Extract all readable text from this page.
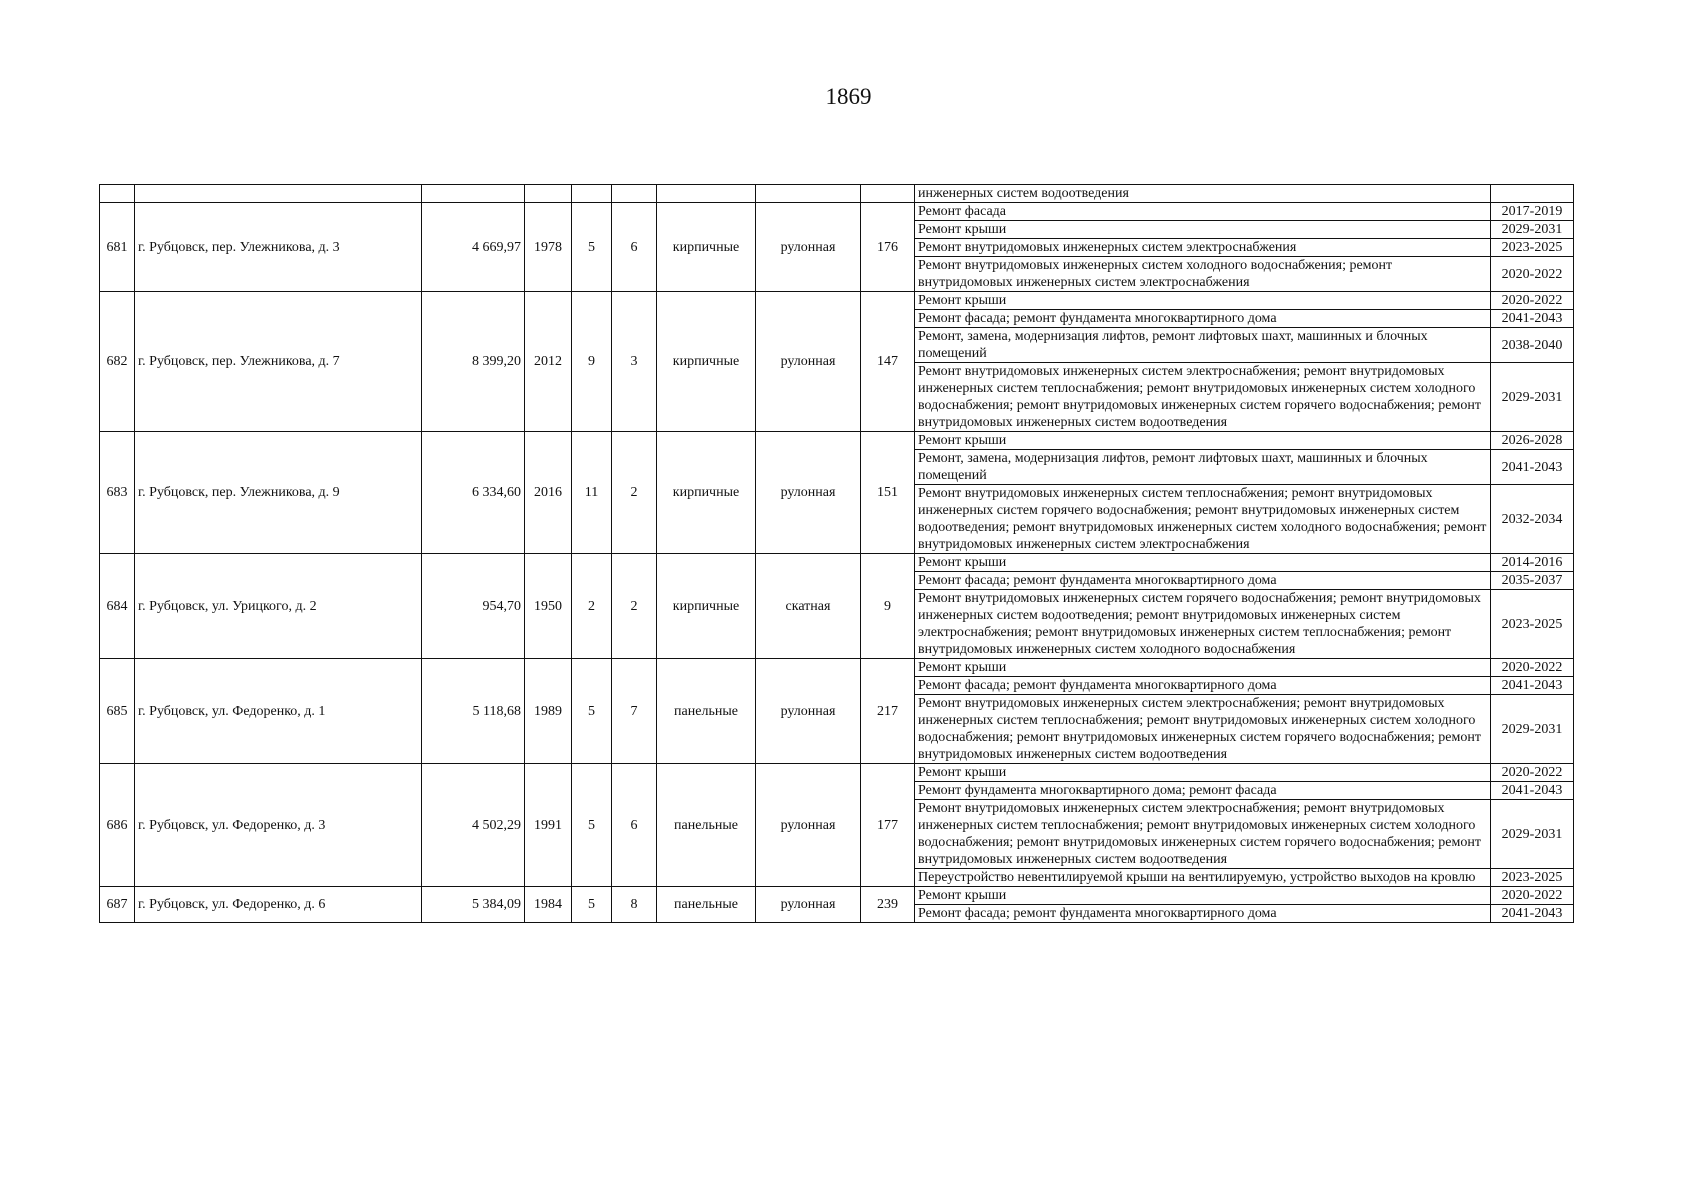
1869
									инженерных систем водоотведения	
681	г. Рубцовск, пер. Улежникова, д. 3	4 669,97	1978	5	6	кирпичные	рулонная	176	Ремонт фасада	2017-2019
									Ремонт крыши	2029-2031
									Ремонт внутридомовых инженерных систем электроснабжения	2023-2025
									Ремонт внутридомовых инженерных систем холодного водоснабжения; ремонт внутридомовых инженерных систем электроснабжения	2020-2022
682	г. Рубцовск, пер. Улежникова, д. 7	8 399,20	2012	9	3	кирпичные	рулонная	147	Ремонт крыши	2020-2022
									Ремонт фасада; ремонт фундамента многоквартирного дома	2041-2043
									Ремонт, замена, модернизация лифтов, ремонт лифтовых шахт, машинных и блочных помещений	2038-2040
									Ремонт внутридомовых инженерных систем электроснабжения; ремонт внутридомовых инженерных систем теплоснабжения; ремонт внутридомовых инженерных систем холодного водоснабжения; ремонт внутридомовых инженерных систем горячего водоснабжения; ремонт внутридомовых инженерных систем водоотведения	2029-2031
683	г. Рубцовск, пер. Улежникова, д. 9	6 334,60	2016	11	2	кирпичные	рулонная	151	Ремонт крыши	2026-2028
									Ремонт, замена, модернизация лифтов, ремонт лифтовых шахт, машинных и блочных помещений	2041-2043
									Ремонт внутридомовых инженерных систем теплоснабжения; ремонт внутридомовых инженерных систем горячего водоснабжения; ремонт внутридомовых инженерных систем водоотведения; ремонт внутридомовых инженерных систем холодного водоснабжения; ремонт внутридомовых инженерных систем электроснабжения	2032-2034
684	г. Рубцовск, ул. Урицкого, д. 2	954,70	1950	2	2	кирпичные	скатная	9	Ремонт крыши	2014-2016
									Ремонт фасада; ремонт фундамента многоквартирного дома	2035-2037
									Ремонт внутридомовых инженерных систем горячего водоснабжения; ремонт внутридомовых инженерных систем водоотведения; ремонт внутридомовых инженерных систем электроснабжения; ремонт внутридомовых инженерных систем теплоснабжения; ремонт внутридомовых инженерных систем холодного водоснабжения	2023-2025
685	г. Рубцовск, ул. Федоренко, д. 1	5 118,68	1989	5	7	панельные	рулонная	217	Ремонт крыши	2020-2022
									Ремонт фасада; ремонт фундамента многоквартирного дома	2041-2043
									Ремонт внутридомовых инженерных систем электроснабжения; ремонт внутридомовых инженерных систем теплоснабжения; ремонт внутридомовых инженерных систем холодного водоснабжения; ремонт внутридомовых инженерных систем горячего водоснабжения; ремонт внутридомовых инженерных систем водоотведения	2029-2031
686	г. Рубцовск, ул. Федоренко, д. 3	4 502,29	1991	5	6	панельные	рулонная	177	Ремонт крыши	2020-2022
									Ремонт фундамента многоквартирного дома; ремонт фасада	2041-2043
									Ремонт внутридомовых инженерных систем электроснабжения; ремонт внутридомовых инженерных систем теплоснабжения; ремонт внутридомовых инженерных систем холодного водоснабжения; ремонт внутридомовых инженерных систем горячего водоснабжения; ремонт внутридомовых инженерных систем водоотведения	2029-2031
									Переустройство невентилируемой крыши на вентилируемую, устройство выходов на кровлю	2023-2025
687	г. Рубцовск, ул. Федоренко, д. 6	5 384,09	1984	5	8	панельные	рулонная	239	Ремонт крыши	2020-2022
									Ремонт фасада; ремонт фундамента многоквартирного дома	2041-2043
